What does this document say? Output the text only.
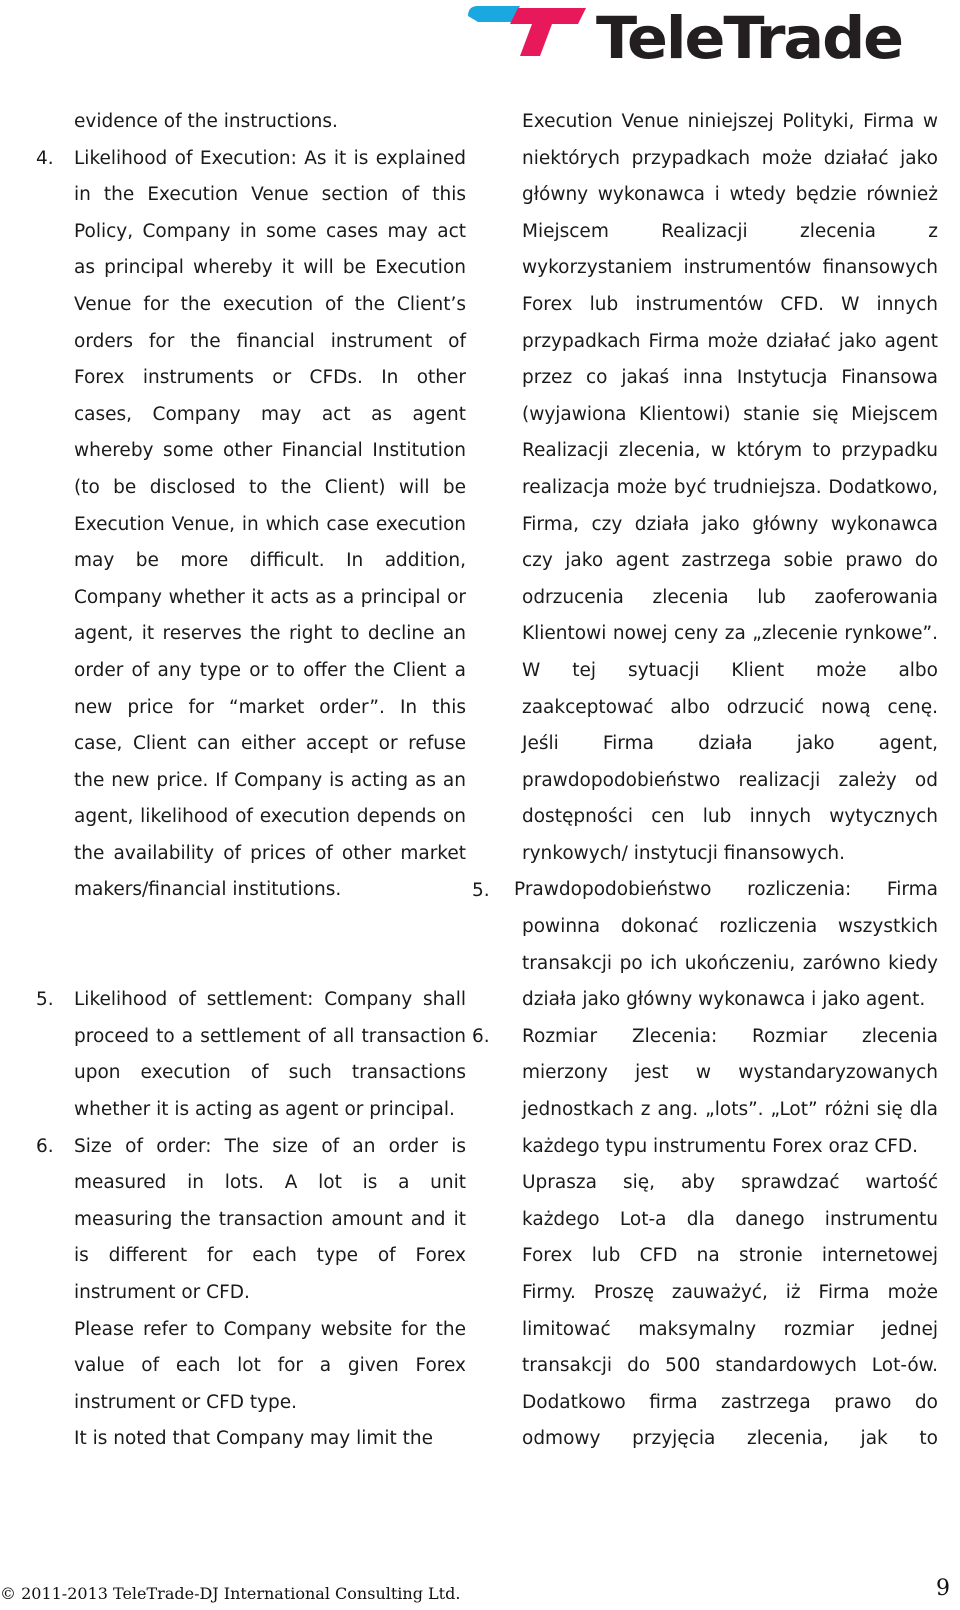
TeleTrade
evidence of the instructions.
Likelihood of Execution: As it is explained
in the Execution Venue section of this
Policy, Company in some cases may act
as principal whereby it will be Execution
Venue for the execution of the Client’s
orders for the financial instrument of
Forex instruments or CFDs. In other
cases, Company may act as agent
whereby some other Financial Institution
(to be disclosed to the Client) will be
Execution Venue, in which case execution
may be more difficult. In addition,
Company whether it acts as a principal or
agent, it reserves the right to decline an
order of any type or to offer the Client a
new price for “market order”. In this
case, Client can either accept or refuse
the new price. If Company is acting as an
agent, likelihood of execution depends on
the availability of prices of other market
makers/financial institutions.
Likelihood of settlement: Company shall
proceed to a settlement of all transaction
upon execution of such transactions
whether it is acting as agent or principal.
Size of order: The size of an order is
measured in lots. A lot is a unit
measuring the transaction amount and it
is different for each type of Forex
instrument or CFD.
Please refer to Company website for the
value of each lot for a given Forex
instrument or CFD type.
It is noted that Company may limit the
Execution Venue niniejszej Polityki, Firma w
niektórych przypadkach może działać jako
główny wykonawca i wtedy będzie również
Miejscem Realizacji zlecenia z
wykorzystaniem instrumentów finansowych
Forex lub instrumentów CFD. W innych
przypadkach Firma może działać jako agent
przez co jakaś inna Instytucja Finansowa
(wyjawiona Klientowi) stanie się Miejscem
Realizacji zlecenia, w którym to przypadku
realizacja może być trudniejsza. Dodatkowo,
Firma, czy działa jako główny wykonawca
czy jako agent zastrzega sobie prawo do
odrzucenia zlecenia lub zaoferowania
Klientowi nowej ceny za „zlecenie rynkowe”.
W tej sytuacji Klient może albo
zaakceptować albo odrzucić nową cenę.
Jeśli Firma działa jako agent,
prawdopodobieństwo realizacji zależy od
dostępności cen lub innych wytycznych
rynkowych/ instytucji finansowych.
Prawdopodobieństwo rozliczenia: Firma
powinna dokonać rozliczenia wszystkich
transakcji po ich ukończeniu, zarówno kiedy
działa jako główny wykonawca i jako agent.
Rozmiar Zlecenia: Rozmiar zlecenia
mierzony jest w wystandaryzowanych
jednostkach z ang. „lots”. „Lot” różni się dla
każdego typu instrumentu Forex oraz CFD.
Uprasza się, aby sprawdzać wartość
każdego Lot-a dla danego instrumentu
Forex lub CFD na stronie internetowej
Firmy. Proszę zauważyć, iż Firma może
limitować maksymalny rozmiar jednej
transakcji do 500 standardowych Lot-ów.
Dodatkowo firma zastrzega prawo do
odmowy przyjęcia zlecenia, jak to
© 2011-2013 TeleTrade-DJ International Consulting Ltd.	9
4.
5.
6.
5.
6.
